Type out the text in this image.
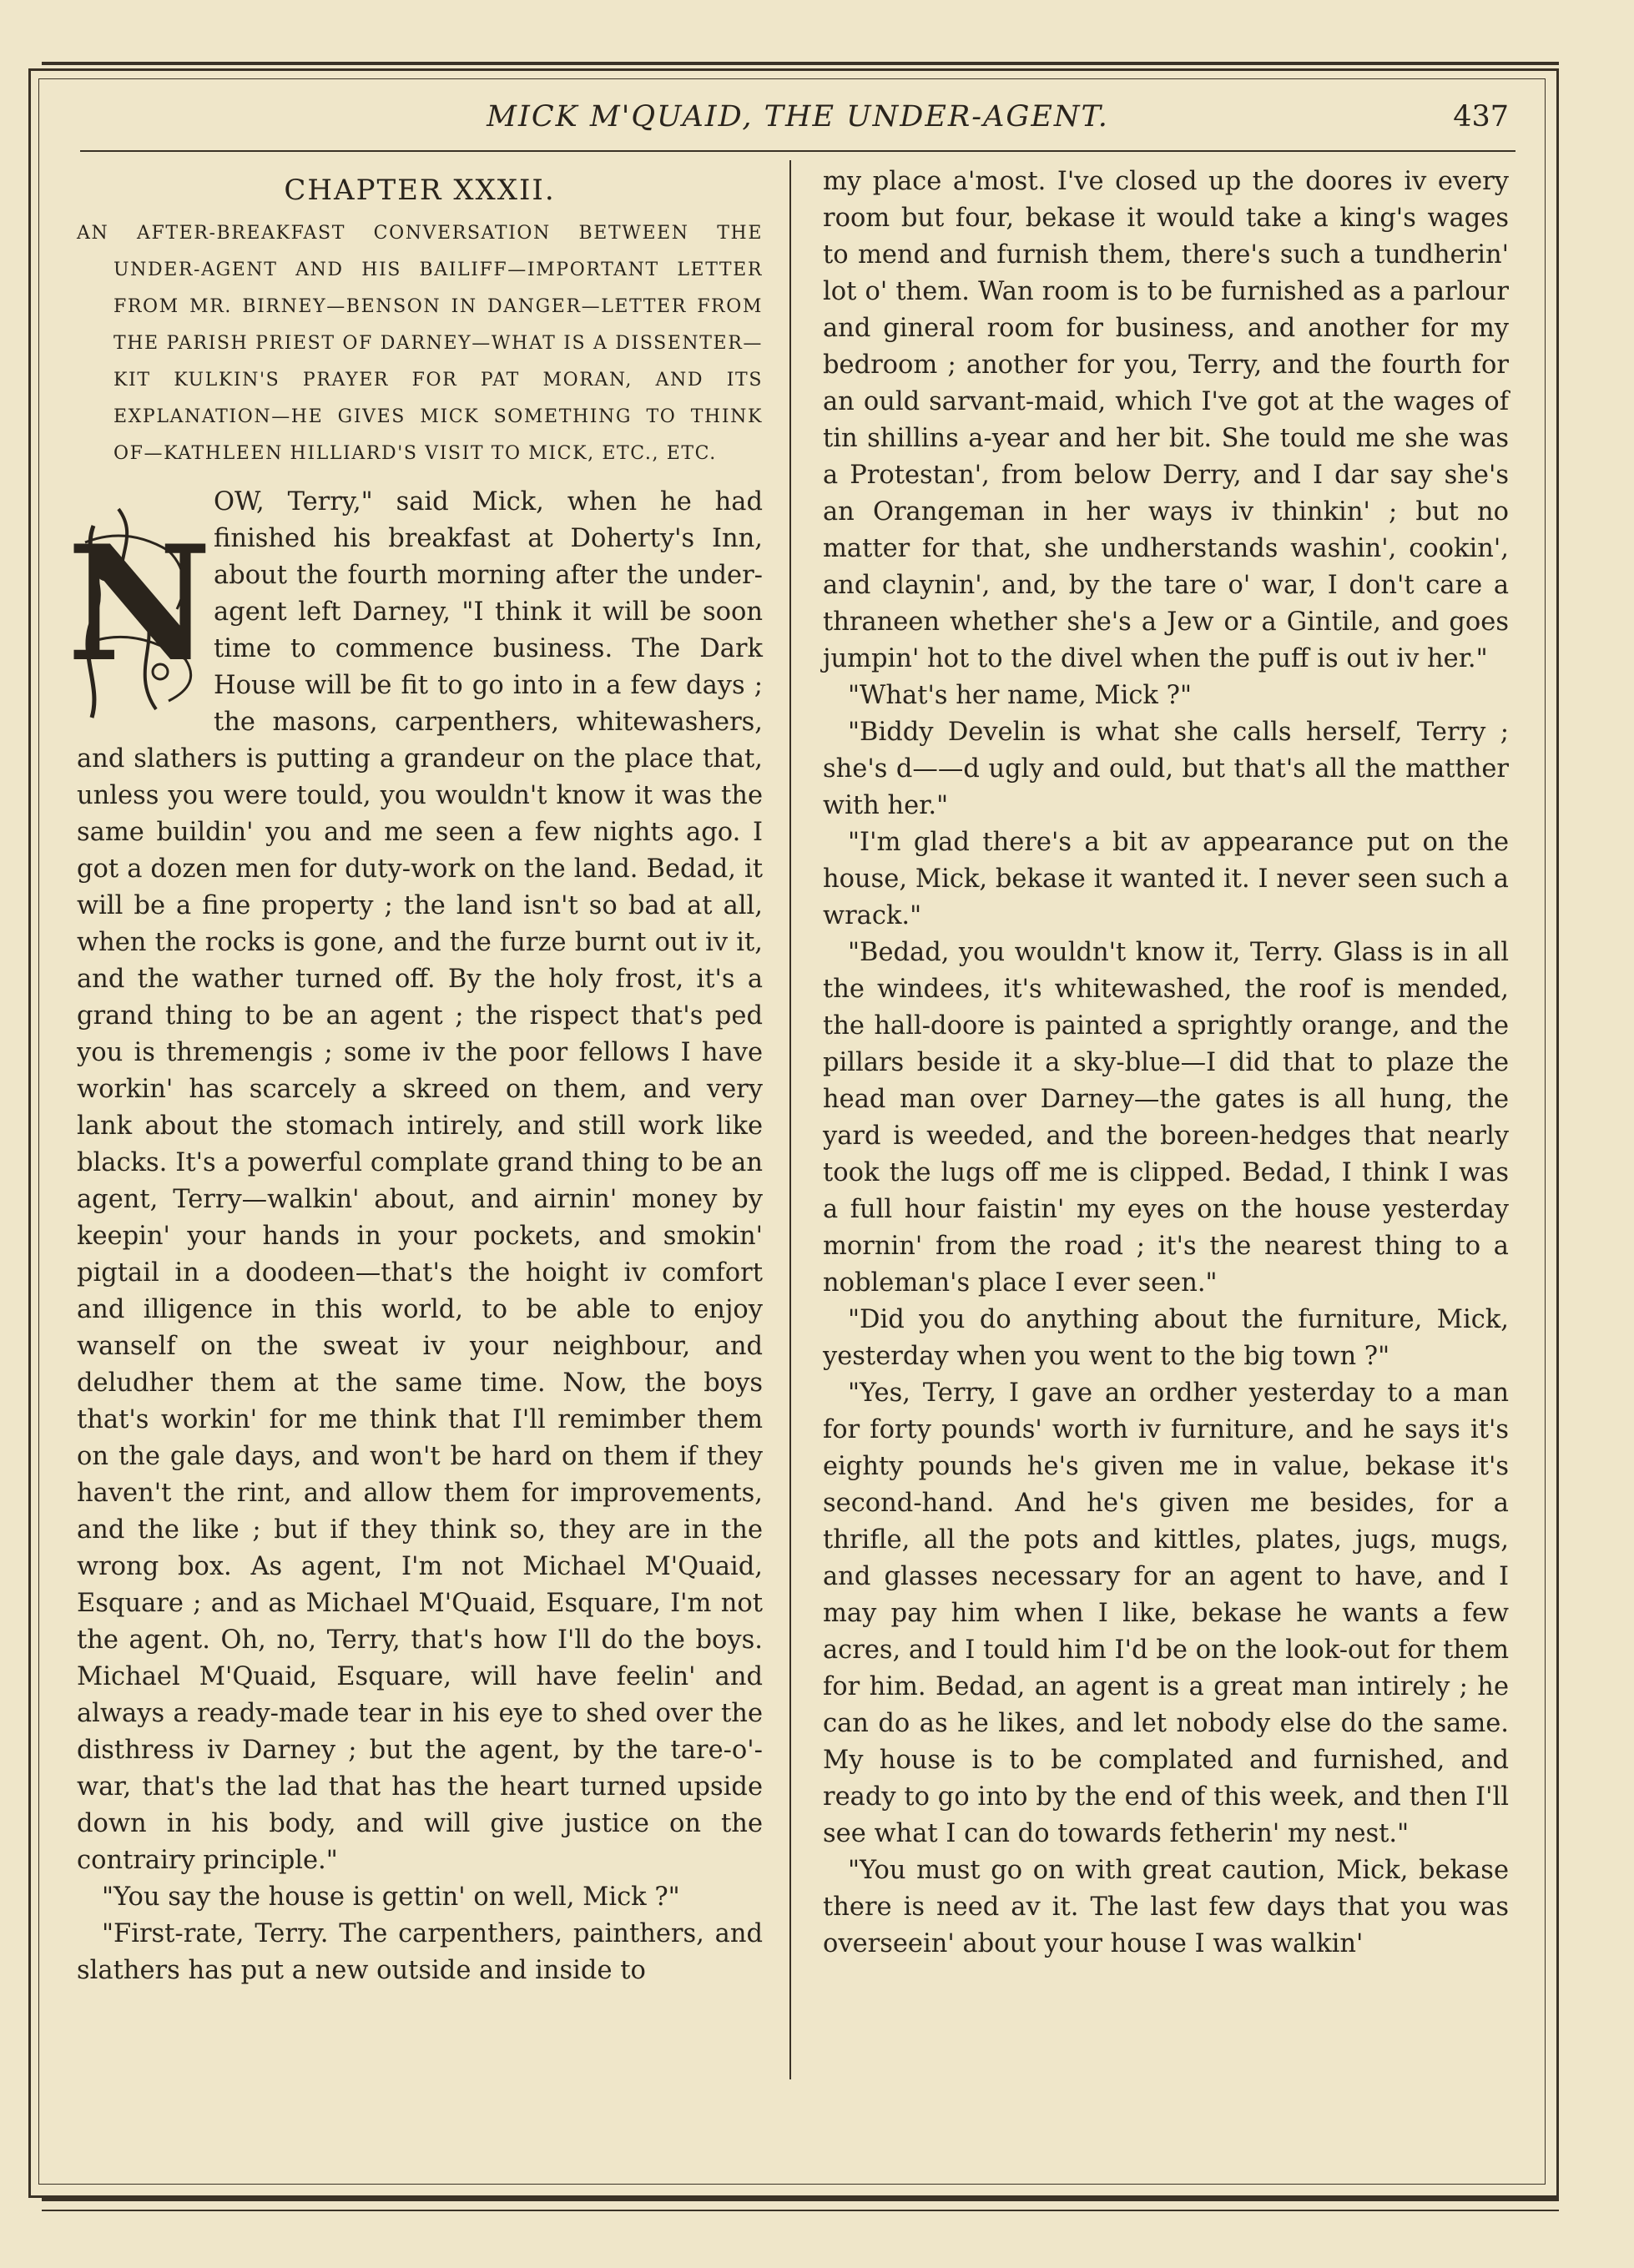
MICK M'QUAID, THE UNDER-AGENT.	437
CHAPTER XXXII.
AN AFTER-BREAKFAST CONVERSATION BETWEEN THE UNDER-AGENT AND HIS BAILIFF—IMPORTANT LETTER FROM MR. BIRNEY—BENSON IN DANGER—LETTER FROM THE PARISH PRIEST OF DARNEY—WHAT IS A DISSENTER—KIT KULKIN'S PRAYER FOR PAT MORAN, AND ITS EXPLANATION—HE GIVES MICK SOMETHING TO THINK OF—KATHLEEN HILLIARD'S VISIT TO MICK, ETC., ETC.
N

OW, Terry," said Mick, when he had finished his breakfast at Doherty's Inn, about the fourth morning after the under-agent left Darney, "I think it will be soon time to commence business. The Dark House will be fit to go into in a few days ; the masons, carpenthers, whitewashers, and slathers is putting a grandeur on the place that, unless you were tould, you wouldn't know it was the same buildin' you and me seen a few nights ago. I got a dozen men for duty-work on the land. Bedad, it will be a fine property ; the land isn't so bad at all, when the rocks is gone, and the furze burnt out iv it, and the wather turned off. By the holy frost, it's a grand thing to be an agent ; the rispect that's ped you is thremengis ; some iv the poor fellows I have workin' has scarcely a skreed on them, and very lank about the stomach intirely, and still work like blacks. It's a powerful complate grand thing to be an agent, Terry—walkin' about, and airnin' money by keepin' your hands in your pockets, and smokin' pigtail in a doodeen—that's the hoight iv comfort and illigence in this world, to be able to enjoy wanself on the sweat iv your neighbour, and deludher them at the same time. Now, the boys that's workin' for me think that I'll remimber them on the gale days, and won't be hard on them if they haven't the rint, and allow them for improvements, and the like ; but if they think so, they are in the wrong box. As agent, I'm not Michael M'Quaid, Esquare ; and as Michael M'Quaid, Esquare, I'm not the agent. Oh, no, Terry, that's how I'll do the boys. Michael M'Quaid, Esquare, will have feelin' and always a ready-made tear in his eye to shed over the disthress iv Darney ; but the agent, by the tare-o'-war, that's the lad that has the heart turned upside down in his body, and will give justice on the contrairy principle."

"You say the house is gettin' on well, Mick ?"

"First-rate, Terry. The carpenthers, painthers, and slathers has put a new outside and inside to

my place a'most. I've closed up the doores iv every room but four, bekase it would take a king's wages to mend and furnish them, there's such a tundherin' lot o' them. Wan room is to be furnished as a parlour and gineral room for business, and another for my bedroom ; another for you, Terry, and the fourth for an ould sarvant-maid, which I've got at the wages of tin shillins a-year and her bit. She tould me she was a Protestan', from below Derry, and I dar say she's an Orangeman in her ways iv thinkin' ; but no matter for that, she undherstands washin', cookin', and claynin', and, by the tare o' war, I don't care a thraneen whether she's a Jew or a Gintile, and goes jumpin' hot to the divel when the puff is out iv her."

"What's her name, Mick ?"

"Biddy Develin is what she calls herself, Terry ; she's d——d ugly and ould, but that's all the matther with her."

"I'm glad there's a bit av appearance put on the house, Mick, bekase it wanted it. I never seen such a wrack."

"Bedad, you wouldn't know it, Terry. Glass is in all the windees, it's whitewashed, the roof is mended, the hall-doore is painted a sprightly orange, and the pillars beside it a sky-blue—I did that to plaze the head man over Darney—the gates is all hung, the yard is weeded, and the boreen-hedges that nearly took the lugs off me is clipped. Bedad, I think I was a full hour faistin' my eyes on the house yesterday mornin' from the road ; it's the nearest thing to a nobleman's place I ever seen."

"Did you do anything about the furniture, Mick, yesterday when you went to the big town ?"

"Yes, Terry, I gave an ordher yesterday to a man for forty pounds' worth iv furniture, and he says it's eighty pounds he's given me in value, bekase it's second-hand. And he's given me besides, for a thrifle, all the pots and kittles, plates, jugs, mugs, and glasses necessary for an agent to have, and I may pay him when I like, bekase he wants a few acres, and I tould him I'd be on the look-out for them for him. Bedad, an agent is a great man intirely ; he can do as he likes, and let nobody else do the same. My house is to be complated and furnished, and ready to go into by the end of this week, and then I'll see what I can do towards fetherin' my nest."

"You must go on with great caution, Mick, bekase there is need av it. The last few days that you was overseein' about your house I was walkin'
